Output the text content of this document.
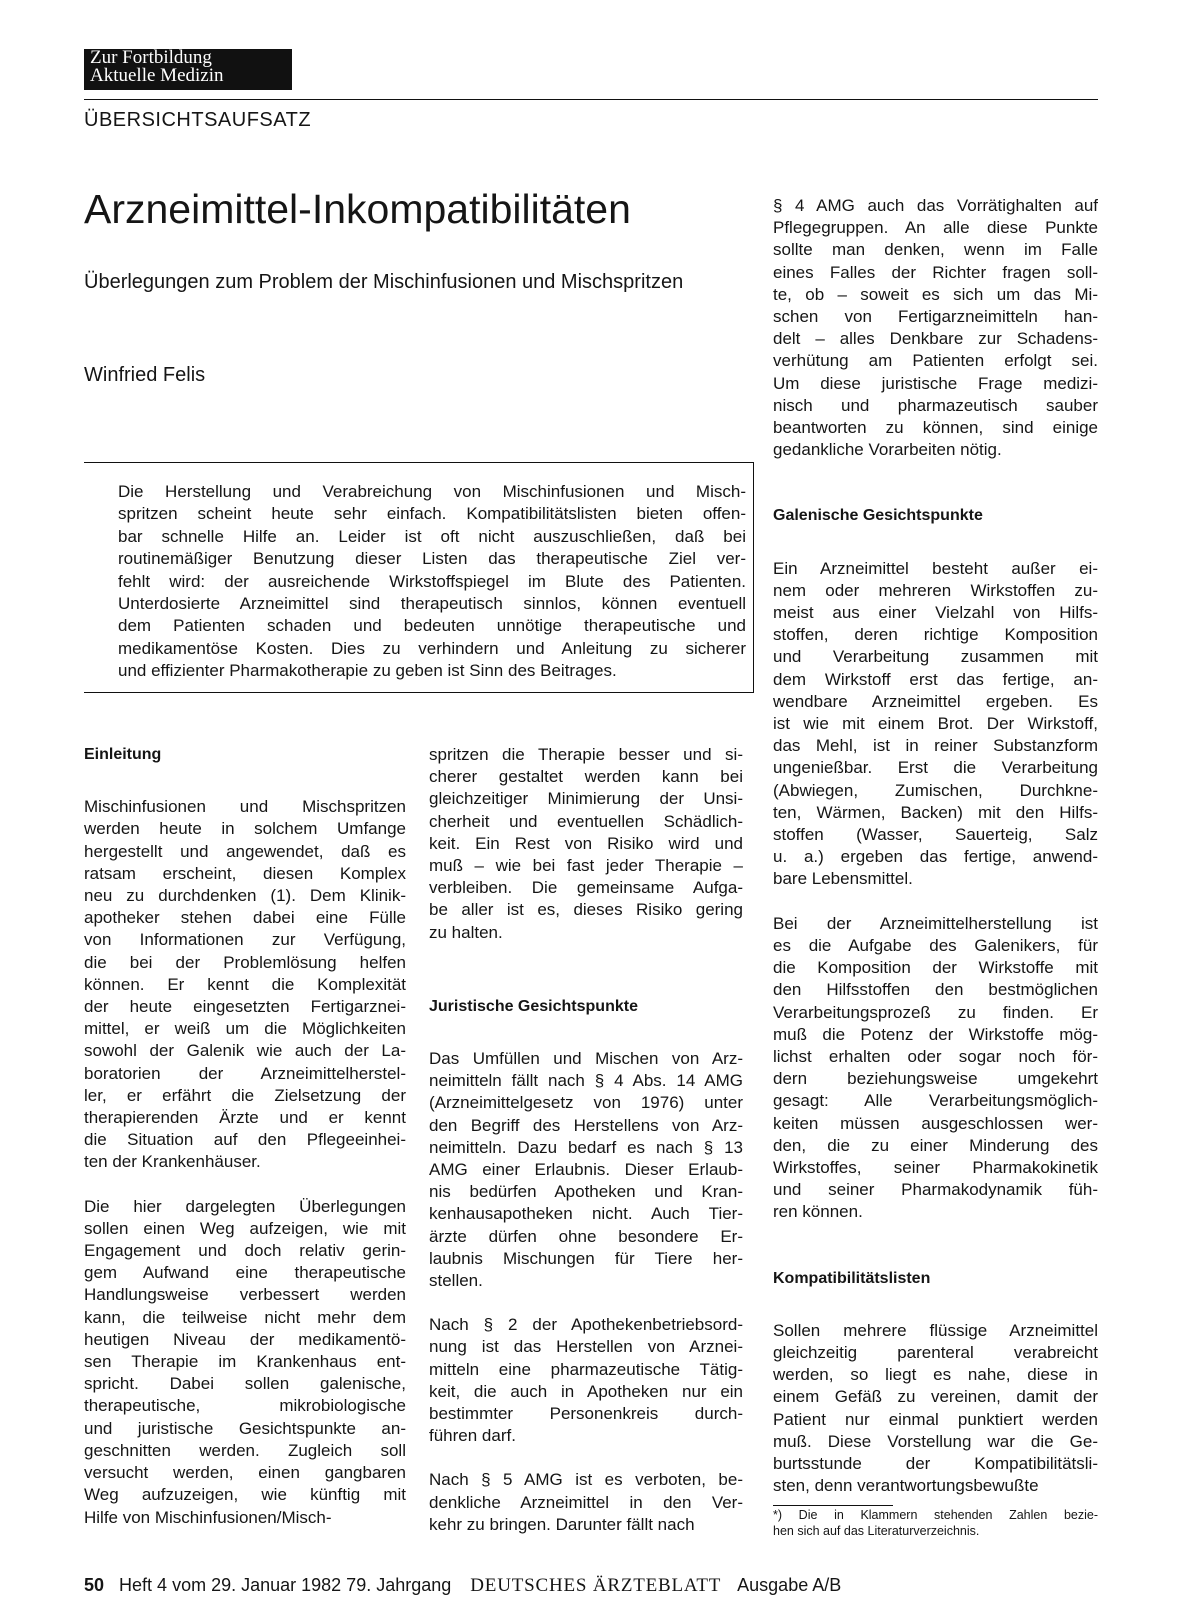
Zur Fortbildung
Aktuelle Medizin
ÜBERSICHTSAUFSATZ
Arzneimittel-Inkompatibilitäten
Überlegungen zum Problem der Mischinfusionen und Mischspritzen
Winfried Felis
Die Herstellung und Verabreichung von Mischinfusionen und Misch-
spritzen scheint heute sehr einfach. Kompatibilitätslisten bieten offen-
bar schnelle Hilfe an. Leider ist oft nicht auszuschließen, daß bei
routinemäßiger Benutzung dieser Listen das therapeutische Ziel ver-
fehlt wird: der ausreichende Wirkstoffspiegel im Blute des Patienten.
Unterdosierte Arzneimittel sind therapeutisch sinnlos, können eventuell
dem Patienten schaden und bedeuten unnötige therapeutische und
medikamentöse Kosten. Dies zu verhindern und Anleitung zu sicherer
und effizienter Pharmakotherapie zu geben ist Sinn des Beitrages.
Einleitung
Mischinfusionen und Mischspritzen
werden heute in solchem Umfange
hergestellt und angewendet, daß es
ratsam erscheint, diesen Komplex
neu zu durchdenken (1). Dem Klinik-
apotheker stehen dabei eine Fülle
von Informationen zur Verfügung,
die bei der Problemlösung helfen
können. Er kennt die Komplexität
der heute eingesetzten Fertigarznei-
mittel, er weiß um die Möglichkeiten
sowohl der Galenik wie auch der La-
boratorien der Arzneimittelherstel-
ler, er erfährt die Zielsetzung der
therapierenden Ärzte und er kennt
die Situation auf den Pflegeeinhei-
ten der Krankenhäuser.
Die hier dargelegten Überlegungen
sollen einen Weg aufzeigen, wie mit
Engagement und doch relativ gerin-
gem Aufwand eine therapeutische
Handlungsweise verbessert werden
kann, die teilweise nicht mehr dem
heutigen Niveau der medikamentö-
sen Therapie im Krankenhaus ent-
spricht. Dabei sollen galenische,
therapeutische, mikrobiologische
und juristische Gesichtspunkte an-
geschnitten werden. Zugleich soll
versucht werden, einen gangbaren
Weg aufzuzeigen, wie künftig mit
Hilfe von Mischinfusionen/Misch-
spritzen die Therapie besser und si-
cherer gestaltet werden kann bei
gleichzeitiger Minimierung der Unsi-
cherheit und eventuellen Schädlich-
keit. Ein Rest von Risiko wird und
muß – wie bei fast jeder Therapie –
verbleiben. Die gemeinsame Aufga-
be aller ist es, dieses Risiko gering
zu halten.
Juristische Gesichtspunkte
Das Umfüllen und Mischen von Arz-
neimitteln fällt nach § 4 Abs. 14 AMG
(Arzneimittelgesetz von 1976) unter
den Begriff des Herstellens von Arz-
neimitteln. Dazu bedarf es nach § 13
AMG einer Erlaubnis. Dieser Erlaub-
nis bedürfen Apotheken und Kran-
kenhausapotheken nicht. Auch Tier-
ärzte dürfen ohne besondere Er-
laubnis Mischungen für Tiere her-
stellen.
Nach § 2 der Apothekenbetriebsord-
nung ist das Herstellen von Arznei-
mitteln eine pharmazeutische Tätig-
keit, die auch in Apotheken nur ein
bestimmter Personenkreis durch-
führen darf.
Nach § 5 AMG ist es verboten, be-
denkliche Arzneimittel in den Ver-
kehr zu bringen. Darunter fällt nach
§ 4 AMG auch das Vorrätighalten auf
Pflegegruppen. An alle diese Punkte
sollte man denken, wenn im Falle
eines Falles der Richter fragen soll-
te, ob – soweit es sich um das Mi-
schen von Fertigarzneimitteln han-
delt – alles Denkbare zur Schadens-
verhütung am Patienten erfolgt sei.
Um diese juristische Frage medizi-
nisch und pharmazeutisch sauber
beantworten zu können, sind einige
gedankliche Vorarbeiten nötig.
Galenische Gesichtspunkte
Ein Arzneimittel besteht außer ei-
nem oder mehreren Wirkstoffen zu-
meist aus einer Vielzahl von Hilfs-
stoffen, deren richtige Komposition
und Verarbeitung zusammen mit
dem Wirkstoff erst das fertige, an-
wendbare Arzneimittel ergeben. Es
ist wie mit einem Brot. Der Wirkstoff,
das Mehl, ist in reiner Substanzform
ungenießbar. Erst die Verarbeitung
(Abwiegen, Zumischen, Durchkne-
ten, Wärmen, Backen) mit den Hilfs-
stoffen (Wasser, Sauerteig, Salz
u. a.) ergeben das fertige, anwend-
bare Lebensmittel.
Bei der Arzneimittelherstellung ist
es die Aufgabe des Galenikers, für
die Komposition der Wirkstoffe mit
den Hilfsstoffen den bestmöglichen
Verarbeitungsprozeß zu finden. Er
muß die Potenz der Wirkstoffe mög-
lichst erhalten oder sogar noch för-
dern beziehungsweise umgekehrt
gesagt: Alle Verarbeitungsmöglich-
keiten müssen ausgeschlossen wer-
den, die zu einer Minderung des
Wirkstoffes, seiner Pharmakokinetik
und seiner Pharmakodynamik füh-
ren können.
Kompatibilitätslisten
Sollen mehrere flüssige Arzneimittel
gleichzeitig parenteral verabreicht
werden, so liegt es nahe, diese in
einem Gefäß zu vereinen, damit der
Patient nur einmal punktiert werden
muß. Diese Vorstellung war die Ge-
burtsstunde der Kompatibilitätsli-
sten, denn verantwortungsbewußte
*) Die in Klammern stehenden Zahlen bezie-
hen sich auf das Literaturverzeichnis.
50 Heft 4 vom 29. Januar 1982 79. Jahrgang DEUTSCHES ÄRZTEBLATT Ausgabe A/B
